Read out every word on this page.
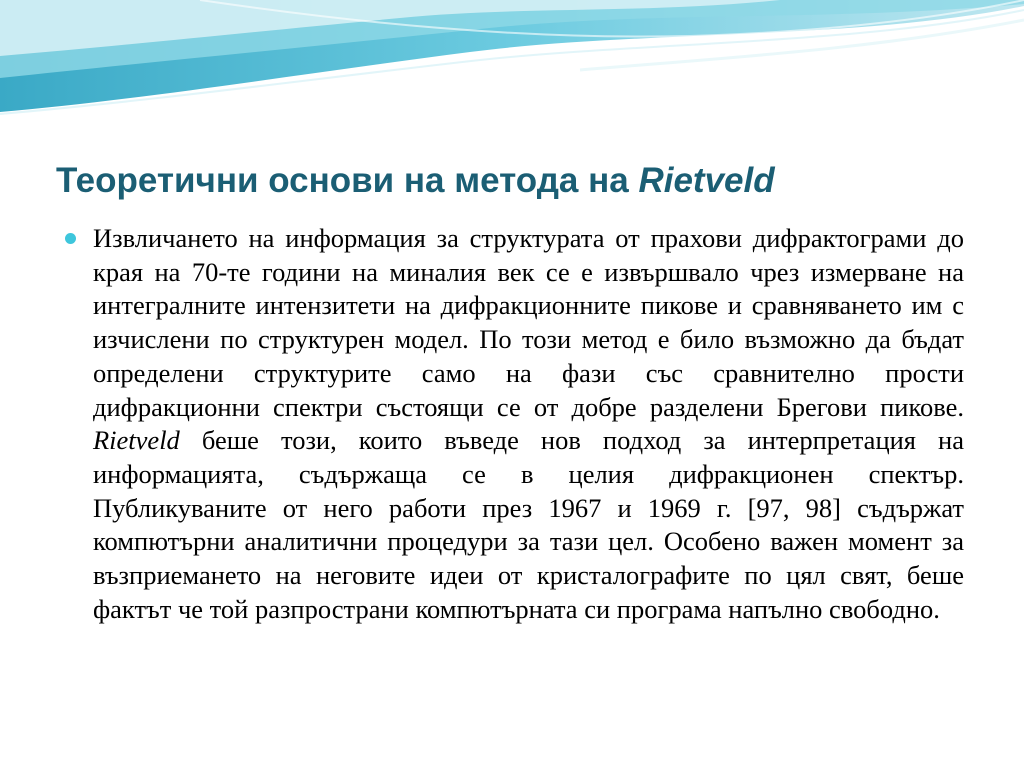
Теоретични основи на метода на Rietveld

Извличането на информация за структурата от прахови дифрактограми до края на 70-те години на миналия век се е извършвало чрез измерване на интегралните интензитети на дифракционните пикове и сравняването им с изчислени по структурен модел. По този метод е било възможно да бъдат определени структурите само на фази със сравнително прости дифракционни спектри състоящи се от добре разделени Брегови пикове. Rietveld беше този, които въведе нов подход за интерпретация на информацията, съдържаща се в целия дифракционен спектър. Публикуваните от него работи през 1967 и 1969 г. [97, 98] съдържат компютърни аналитични процедури за тази цел. Особено важен момент за възприемането на неговите идеи от кристалографите по цял свят, беше фактът че той разпространи компютърната си програма напълно свободно.
